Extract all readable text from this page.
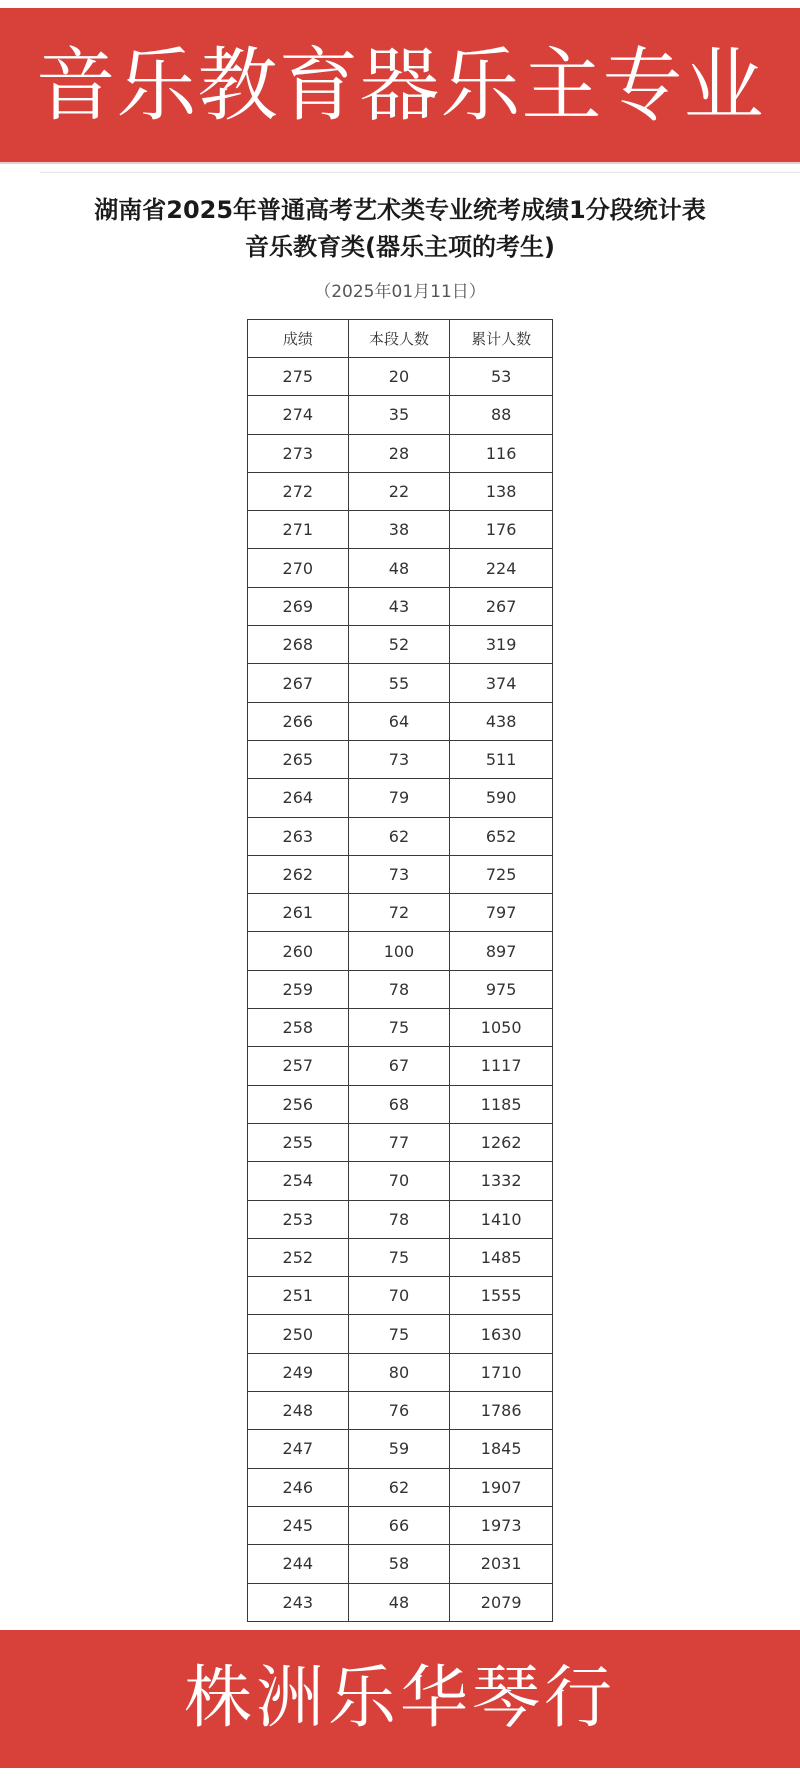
音乐教育器乐主专业
湖南省2025年普通高考艺术类专业统考成绩1分段统计表
音乐教育类(器乐主项的考生)
（2025年01月11日）
成绩	本段人数	累计人数
275	20	53
274	35	88
273	28	116
272	22	138
271	38	176
270	48	224
269	43	267
268	52	319
267	55	374
266	64	438
265	73	511
264	79	590
263	62	652
262	73	725
261	72	797
260	100	897
259	78	975
258	75	1050
257	67	1117
256	68	1185
255	77	1262
254	70	1332
253	78	1410
252	75	1485
251	70	1555
250	75	1630
249	80	1710
248	76	1786
247	59	1845
246	62	1907
245	66	1973
244	58	2031
243	48	2079
株洲乐华琴行
